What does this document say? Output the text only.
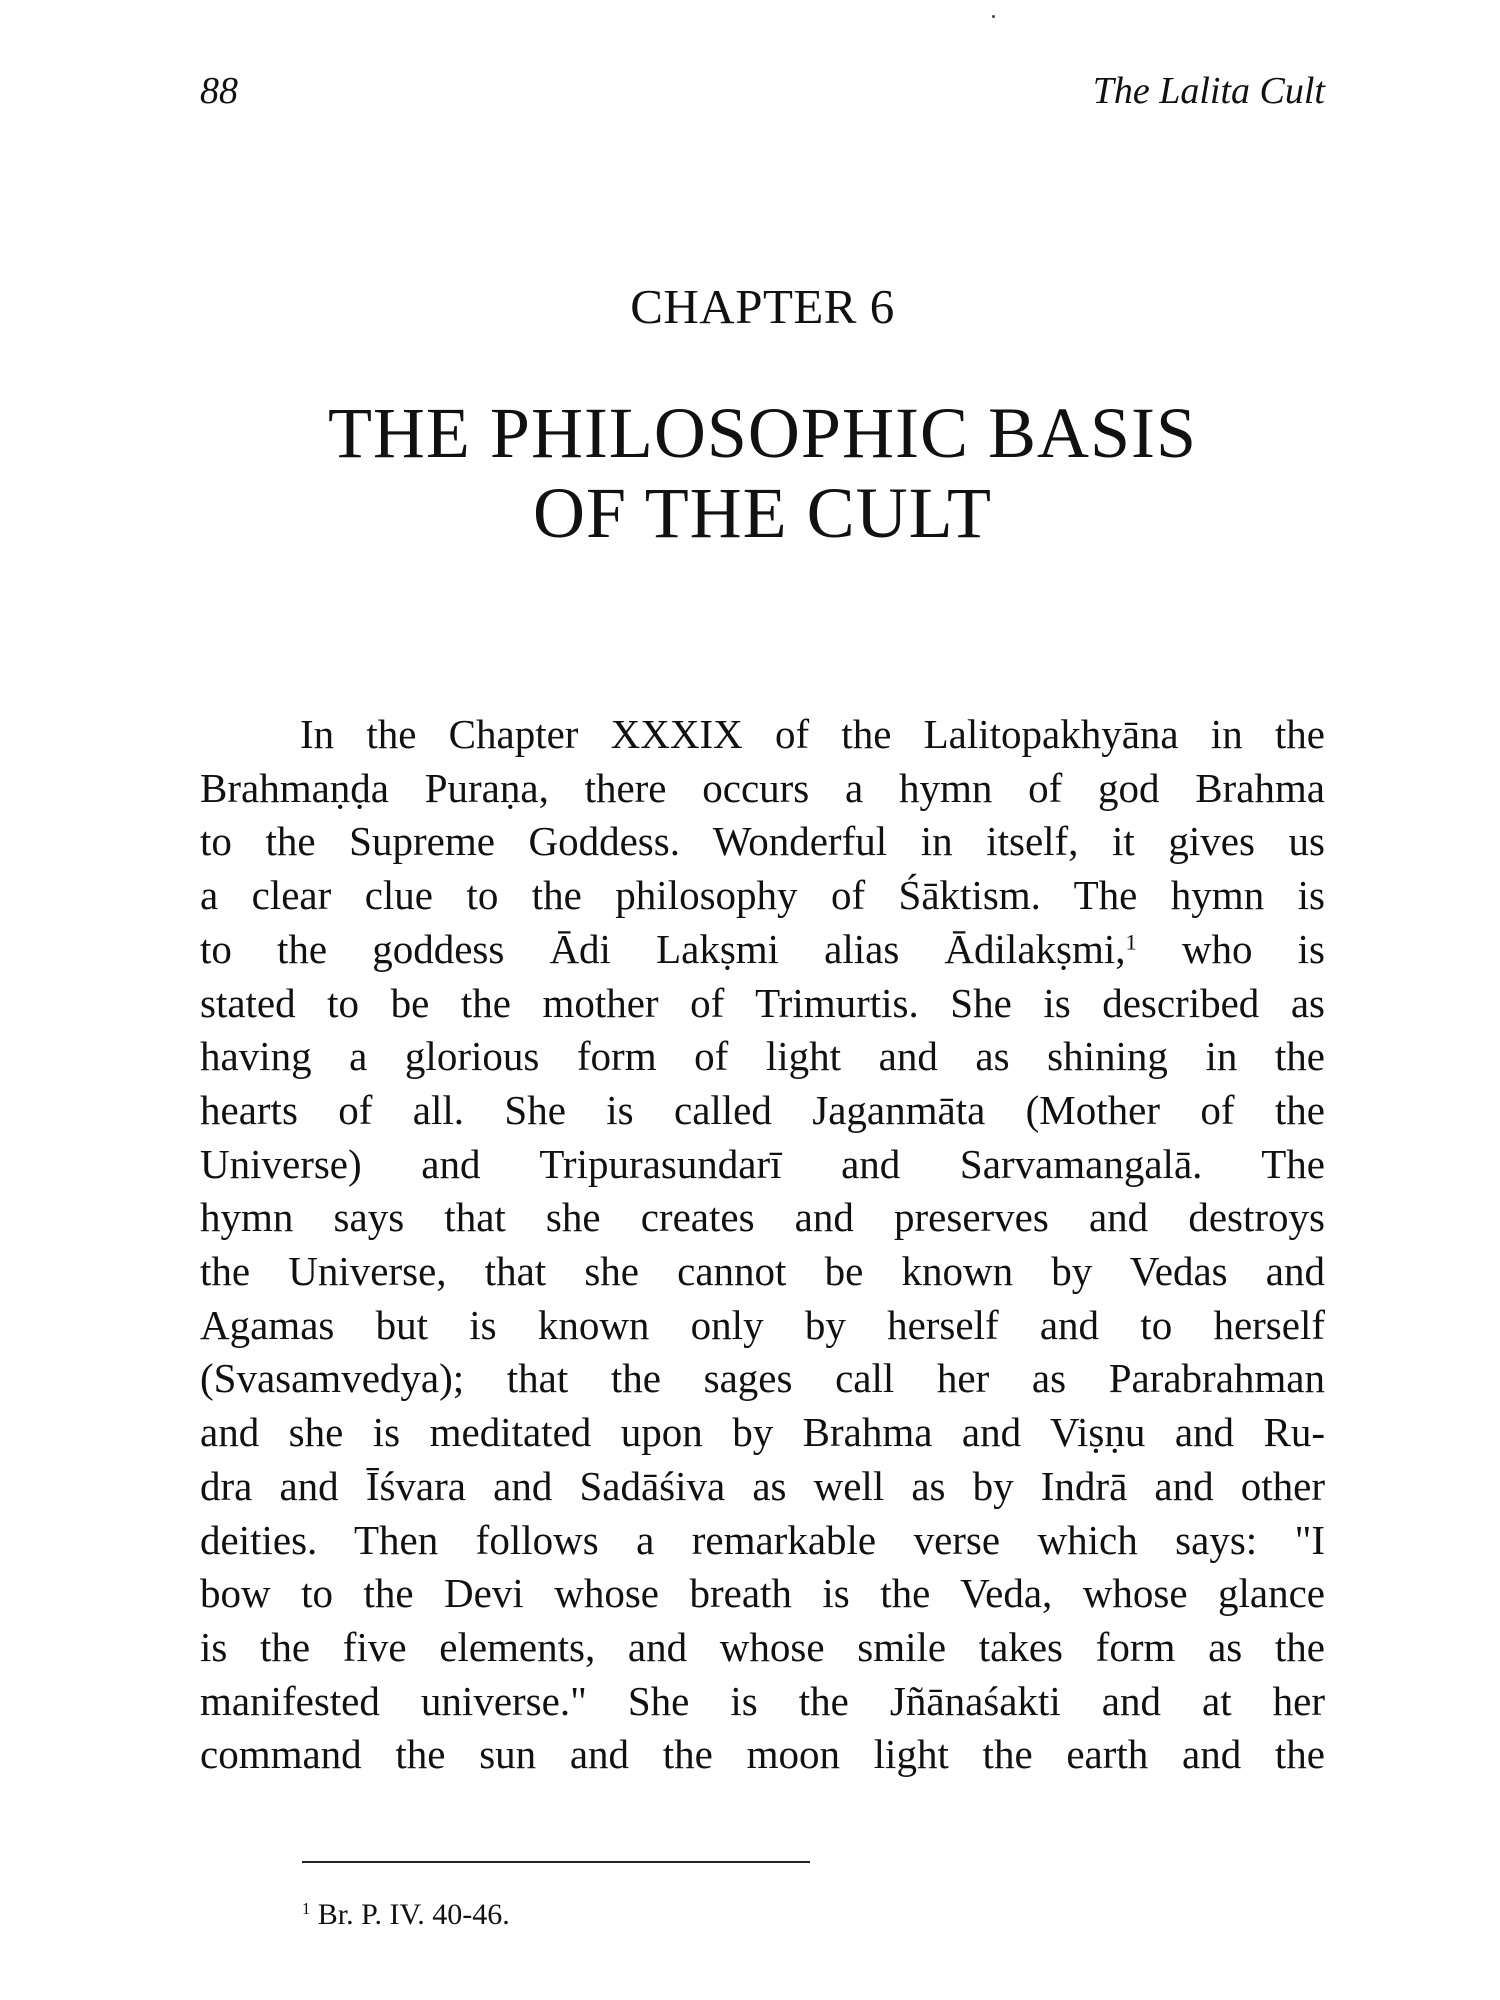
88	The Lalita Cult
CHAPTER 6
THE PHILOSOPHIC BASIS
OF THE CULT
In the Chapter XXXIX of the Lalitopakhyāna in the
Brahmaṇḍa Puraṇa, there occurs a hymn of god Brahma
to the Supreme Goddess. Wonderful in itself, it gives us
a clear clue to the philosophy of Śāktism. The hymn is
to the goddess Ādi Lakṣmi alias Ādilakṣmi,$^1$ who is
stated to be the mother of Trimurtis. She is described as
having a glorious form of light and as shining in the
hearts of all. She is called Jaganmāta (Mother of the
Universe) and Tripurasundarī and Sarvamangalā. The
hymn says that she creates and preserves and destroys
the Universe, that she cannot be known by Vedas and
Agamas but is known only by herself and to herself
(Svasamvedya); that the sages call her as Parabrahman
and she is meditated upon by Brahma and Viṣṇu and Ru-
dra and Īśvara and Sadāśiva as well as by Indrā and other
deities. Then follows a remarkable verse which says: "I
bow to the Devi whose breath is the Veda, whose glance
is the five elements, and whose smile takes form as the
manifested universe." She is the Jñānaśakti and at her
command the sun and the moon light the earth and the
$^1$ Br. P. IV. 40-46.
